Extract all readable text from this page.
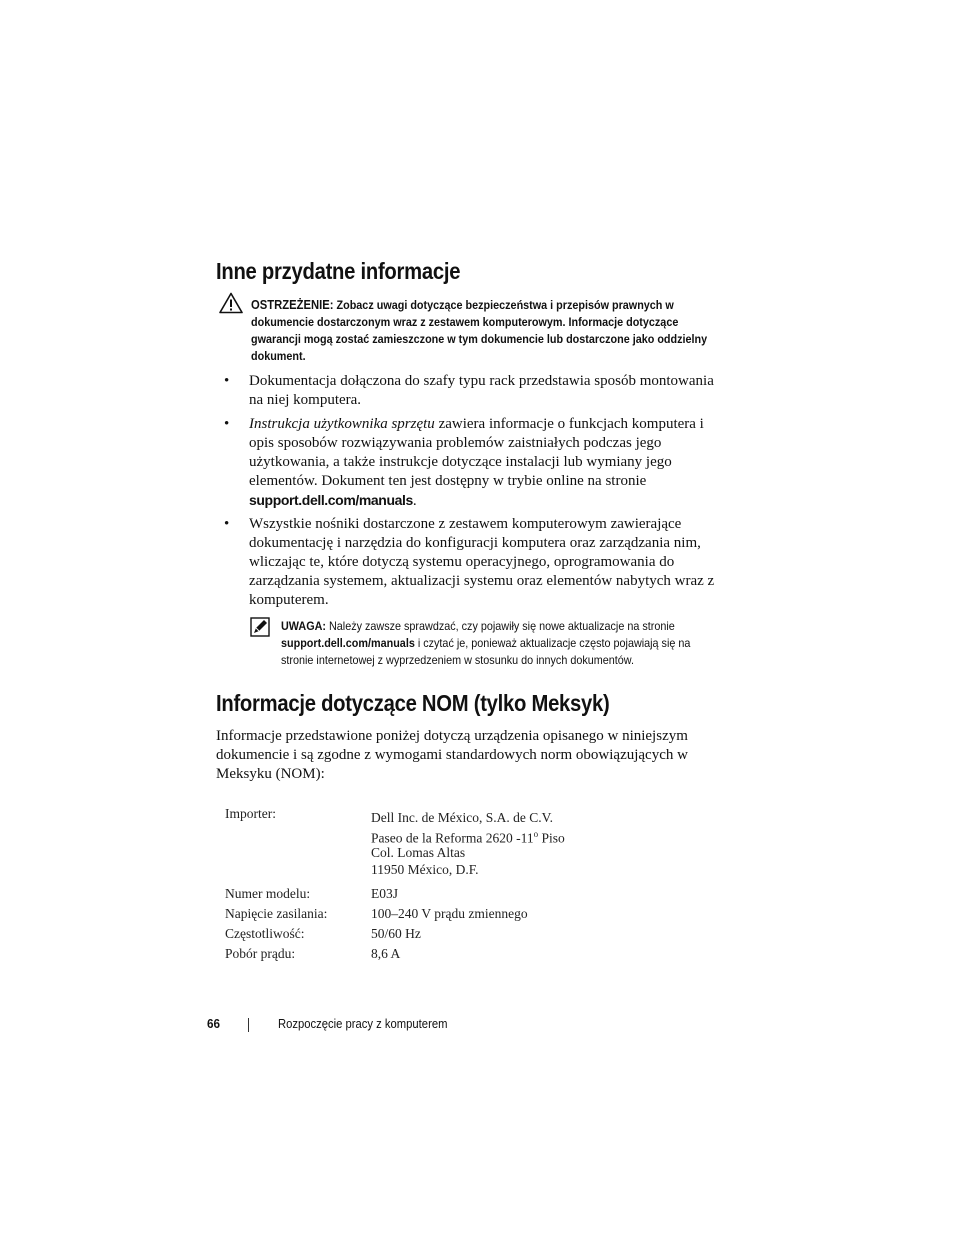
Inne przydatne informacje
OSTRZEŻENIE: Zobacz uwagi dotyczące bezpieczeństwa i przepisów prawnych w dokumencie dostarczonym wraz z zestawem komputerowym. Informacje dotyczące gwarancji mogą zostać zamieszczone w tym dokumencie lub dostarczone jako oddzielny dokument.
• Dokumentacja dołączona do szafy typu rack przedstawia sposób montowania na niej komputera.
• Instrukcja użytkownika sprzętu zawiera informacje o funkcjach komputera i opis sposobów rozwiązywania problemów zaistniałych podczas jego użytkowania, a także instrukcje dotyczące instalacji lub wymiany jego elementów. Dokument ten jest dostępny w trybie online na stronie support.dell.com/manuals.
• Wszystkie nośniki dostarczone z zestawem komputerowym zawierające dokumentację i narzędzia do konfiguracji komputera oraz zarządzania nim, wliczając te, które dotyczą systemu operacyjnego, oprogramowania do zarządzania systemem, aktualizacji systemu oraz elementów nabytych wraz z komputerem.
UWAGA: Należy zawsze sprawdzać, czy pojawiły się nowe aktualizacje na stronie support.dell.com/manuals i czytać je, ponieważ aktualizacje często pojawiają się na stronie internetowej z wyprzedzeniem w stosunku do innych dokumentów.
Informacje dotyczące NOM (tylko Meksyk)

Informacje przedstawione poniżej dotyczą urządzenia opisanego w niniejszym dokumencie i są zgodne z wymogami standardowych norm obowiązujących w Meksyku (NOM):

Importer:	Dell Inc. de México, S.A. de C.V.
Paseo de la Reforma 2620 -11$^o$ Piso
Col. Lomas Altas
11950 México, D.F.
Numer modelu:	E03J
Napięcie zasilania:	100–240 V prądu zmiennego
Częstotliwość:	50/60 Hz
Pobór prądu:	8,6 A
66	Rozpoczęcie pracy z komputerem
